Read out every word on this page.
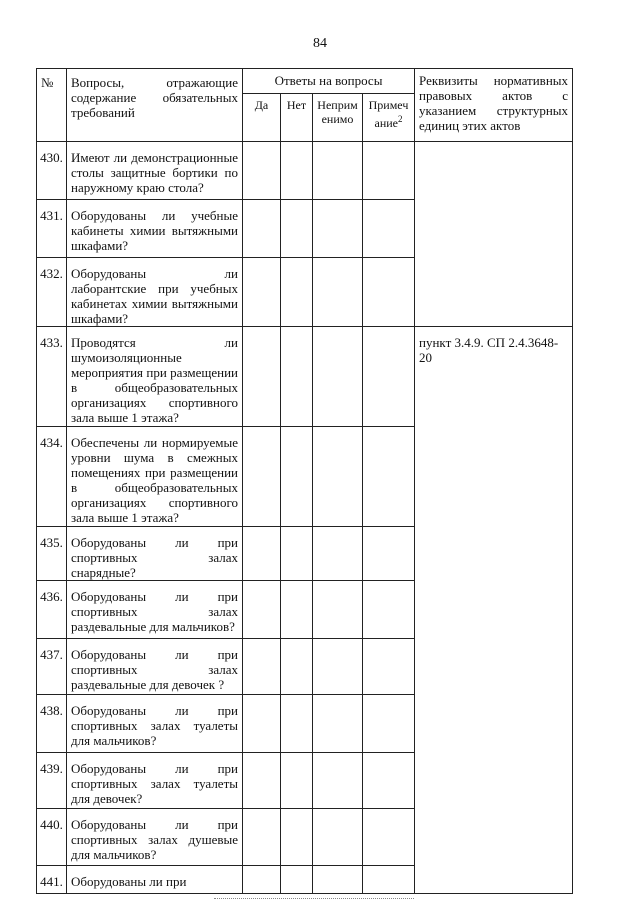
84
№	Вопросы, отражающие содержание обязательных требований	Ответы на вопросы				Реквизиты нормативных правовых актов с указанием структурных единиц этих актов
		Да	Нет	Неприм енимо	Примеч ание$^2$
430.	Имеют ли демонстрационные столы защитные бортики по наружному краю стола?					
431.	Оборудованы ли учебные кабинеты химии вытяжными шкафами?					
432.	Оборудованы ли лаборантские при учебных кабинетах химии вытяжными шкафами?					
433.	Проводятся ли шумоизоляционные мероприятия при размещении в общеобразовательных организациях спортивного зала выше 1 этажа?					пункт 3.4.9. СП 2.4.3648-20
434.	Обеспечены ли нормируемые уровни шума в смежных помещениях при размещении в общеобразовательных организациях спортивного зала выше 1 этажа?					
435.	Оборудованы ли при спортивных залах снарядные?					
436.	Оборудованы ли при спортивных залах раздевальные для мальчиков?					
437.	Оборудованы ли при спортивных залах раздевальные для девочек ?					
438.	Оборудованы ли при спортивных залах туалеты для мальчиков?					
439.	Оборудованы ли при спортивных залах туалеты для девочек?					
440.	Оборудованы ли при спортивных залах душевые для мальчиков?					
441.	Оборудованы ли при					
